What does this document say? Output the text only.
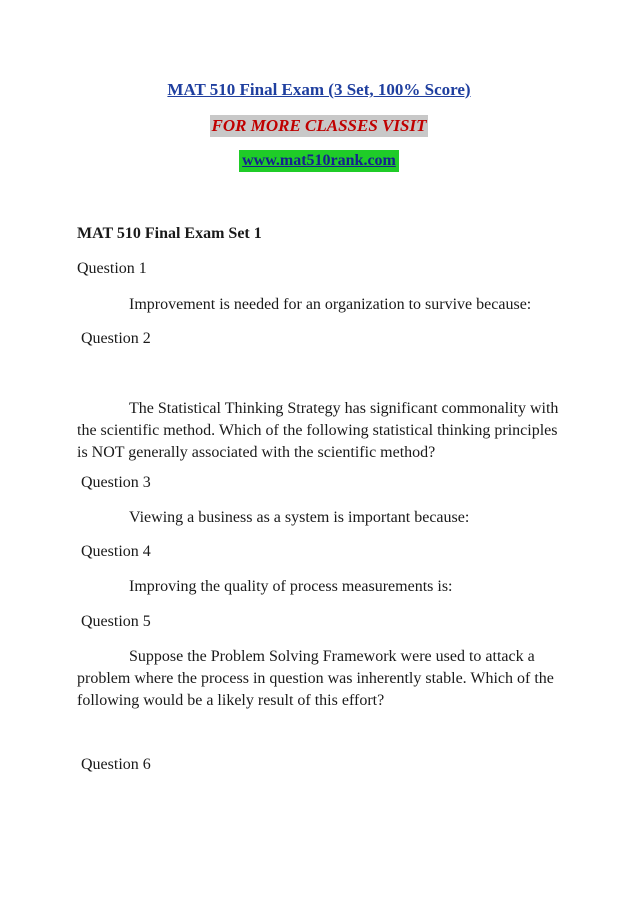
MAT 510 Final Exam (3 Set, 100% Score)
FOR MORE CLASSES VISIT
www.mat510rank.com
MAT 510 Final Exam Set 1
Question 1
Improvement is needed for an organization to survive because:
Question 2
The Statistical Thinking Strategy has significant commonality with the scientific method. Which of the following statistical thinking principles is NOT generally associated with the scientific method?
Question 3
Viewing a business as a system is important because:
Question 4
Improving the quality of process measurements is:
Question 5
Suppose the Problem Solving Framework were used to attack a problem where the process in question was inherently stable. Which of the following would be a likely result of this effort?
Question 6
